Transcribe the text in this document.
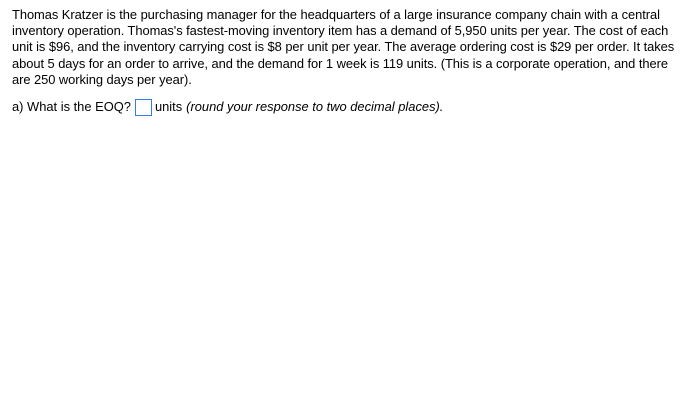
Thomas Kratzer is the purchasing manager for the headquarters of a large insurance company chain with a central inventory operation. Thomas's fastest-moving inventory item has a demand of 5,950 units per year. The cost of each unit is $96, and the inventory carrying cost is $8 per unit per year. The average ordering cost is $29 per order. It takes about 5 days for an order to arrive, and the demand for 1 week is 119 units. (This is a corporate operation, and there are 250 working days per year).

a) What is the EOQ? units (round your response to two decimal places).
